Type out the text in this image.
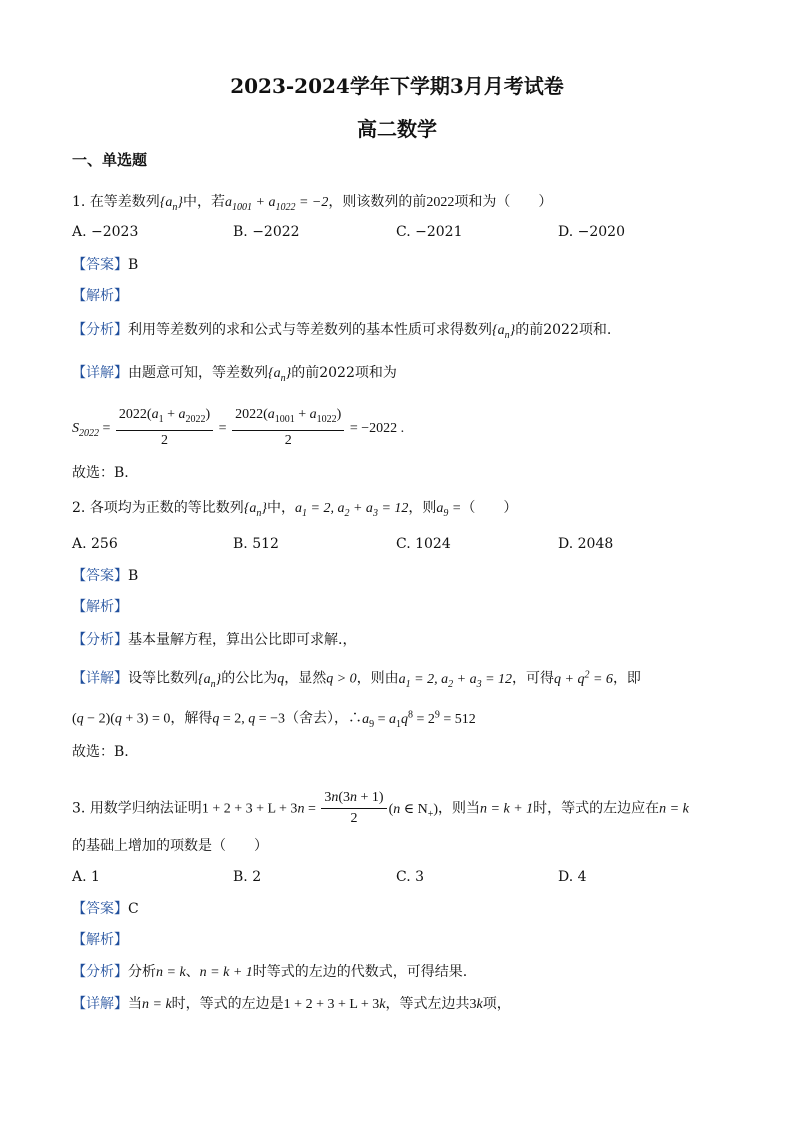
2023-2024学年下学期3月月考试卷
高二数学
一、单选题
1. 在等差数列$\{a_n\}$中，若$a_{1001} + a_{1022} = -2$，则该数列的前2022项和为（　　）
A. −2023	B. −2022	C. −2021	D. −2020
【答案】B
【解析】
【分析】利用等差数列的求和公式与等差数列的基本性质可求得数列$\{a_n\}$的前2022项和.
【详解】由题意可知，等差数列$\{a_n\}$的前2022项和为
$S_{2022} = \frac{2022(a_1 + a_{2022})}{2} = \frac{2022(a_{1001} + a_{1022})}{2} = -2022$ .
故选：B.
2. 各项均为正数的等比数列$\{a_n\}$中，$a_1 = 2$, $a_2 + a_3 = 12$，则$a_9$ =（　　）
A. 256	B. 512	C. 1024	D. 2048
【答案】B
【解析】
【分析】基本量解方程，算出公比即可求解.，
【详解】设等比数列$\{a_n\}$的公比为q，显然q > 0，则由$a_1 = 2$, $a_2 + a_3 = 12$，可得$q + q^2 = 6$，即
(q − 2)(q + 3) = 0，解得q = 2, q = −3（舍去），$\therefore a_9 = a_1q^8 = 2^9 = 512$
故选：B.
3. 用数学归纳法证明$1 + 2 + 3 + L + 3n = \frac{3n(3n + 1)}{2} (n$ ∈ $N_+$)，则当n = k + 1时，等式的左边应在n = k
的基础上增加的项数是（　　）
A. 1	B. 2	C. 3	D. 4
【答案】C
【解析】
【分析】分析n = k、n = k + 1时等式的左边的代数式，可得结果.
【详解】当n = k时，等式的左边是1 + 2 + 3 + L + 3k，等式左边共3k项，
